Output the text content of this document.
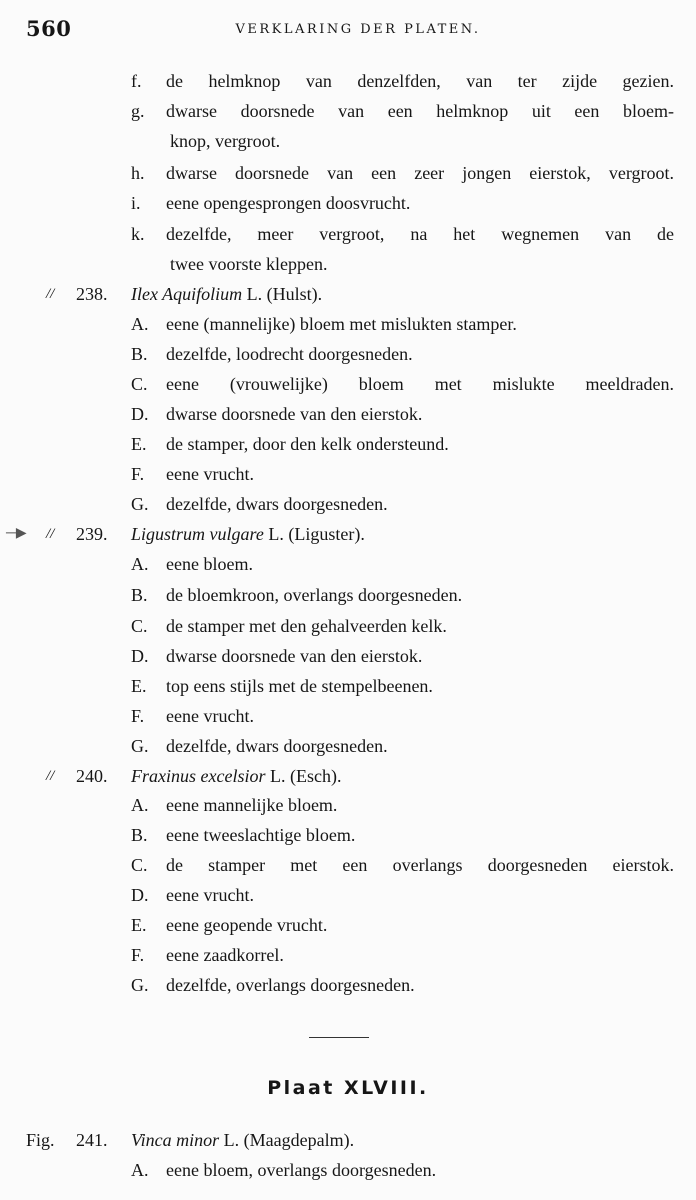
560	VERKLARING DER PLATEN.
f. de helmknop van denzelfden, van ter zijde gezien.
g. dwarse doorsnede van een helmknop uit een bloem-
knop, vergroot.
h. dwarse doorsnede van een zeer jongen eierstok, vergroot.
i. eene opengesprongen doosvrucht.
k. dezelfde, meer vergroot, na het wegnemen van de
twee voorste kleppen.
// 238. Ilex Aquifolium L. (Hulst).
A. eene (mannelijke) bloem met mislukten stamper.
B. dezelfde, loodrecht doorgesneden.
C. eene (vrouwelijke) bloem met mislukte meeldraden.
D. dwarse doorsnede van den eierstok.
E. de stamper, door den kelk ondersteund.
F. eene vrucht.
G. dezelfde, dwars doorgesneden.
─▶ // 239. Ligustrum vulgare L. (Liguster).
A. eene bloem.
B. de bloemkroon, overlangs doorgesneden.
C. de stamper met den gehalveerden kelk.
D. dwarse doorsnede van den eierstok.
E. top eens stijls met de stempelbeenen.
F. eene vrucht.
G. dezelfde, dwars doorgesneden.
// 240. Fraxinus excelsior L. (Esch).
A. eene mannelijke bloem.
B. eene tweeslachtige bloem.
C. de stamper met een overlangs doorgesneden eierstok.
D. eene vrucht.
E. eene geopende vrucht.
F. eene zaadkorrel.
G. dezelfde, overlangs doorgesneden.
Plaat XLVIII.
Fig. 241. Vinca minor L. (Maagdepalm).
A. eene bloem, overlangs doorgesneden.
